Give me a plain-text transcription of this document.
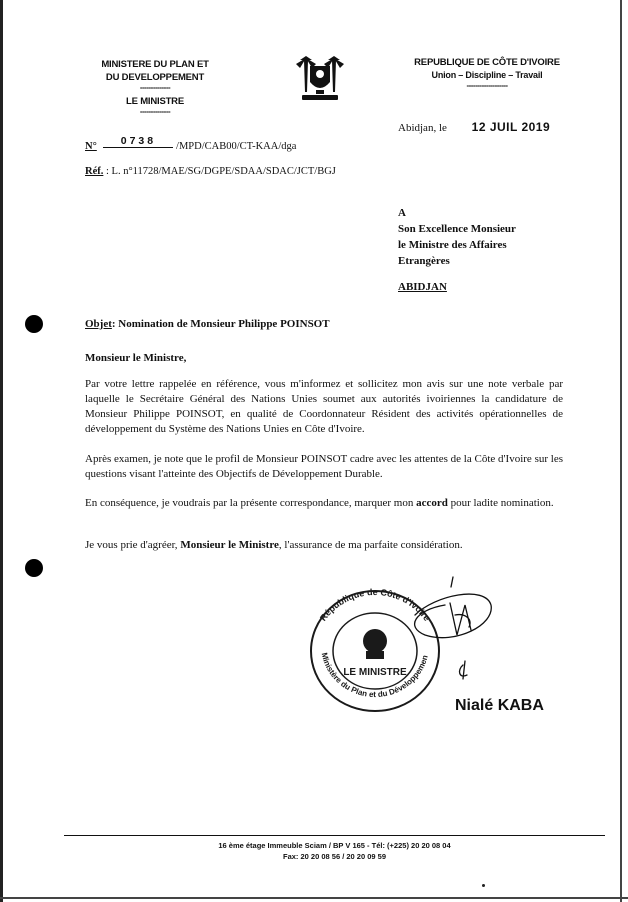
MINISTERE DU PLAN ET
DU DEVELOPPEMENT
--------------
LE MINISTRE
--------------
REPUBLIQUE DE CÔTE D'IVOIRE
Union – Discipline – Travail
-------------------
Abidjan, le 12 JUIL 2019
N° 0738 /MPD/CAB00/CT-KAA/dga
Réf. : L. n°11728/MAE/SG/DGPE/SDAA/SDAC/JCT/BGJ
A
Son Excellence Monsieur
le Ministre des Affaires
Etrangères
ABIDJAN
Objet: Nomination de Monsieur Philippe POINSOT
Monsieur le Ministre,
Par votre lettre rappelée en référence, vous m'informez et sollicitez mon avis sur une note verbale par laquelle le Secrétaire Général des Nations Unies soumet aux autorités ivoiriennes la candidature de Monsieur Philippe POINSOT, en qualité de Coordonnateur Résident des activités opérationnelles de développement du Système des Nations Unies en Côte d'Ivoire.
Après examen, je note que le profil de Monsieur POINSOT cadre avec les attentes de la Côte d'Ivoire sur les questions visant l'atteinte des Objectifs de Développement Durable.
En conséquence, je voudrais par la présente correspondance, marquer mon accord pour ladite nomination.
Je vous prie d'agréer, Monsieur le Ministre, l'assurance de ma parfaite considération.
République de Côte d'Ivoire
Ministère du Plan et du Développemen
LE MINISTRE
Nialé KABA
16 ème étage Immeuble Sciam / BP V 165 - Tél: (+225) 20 20 08 04
Fax: 20 20 08 56 / 20 20 09 59
